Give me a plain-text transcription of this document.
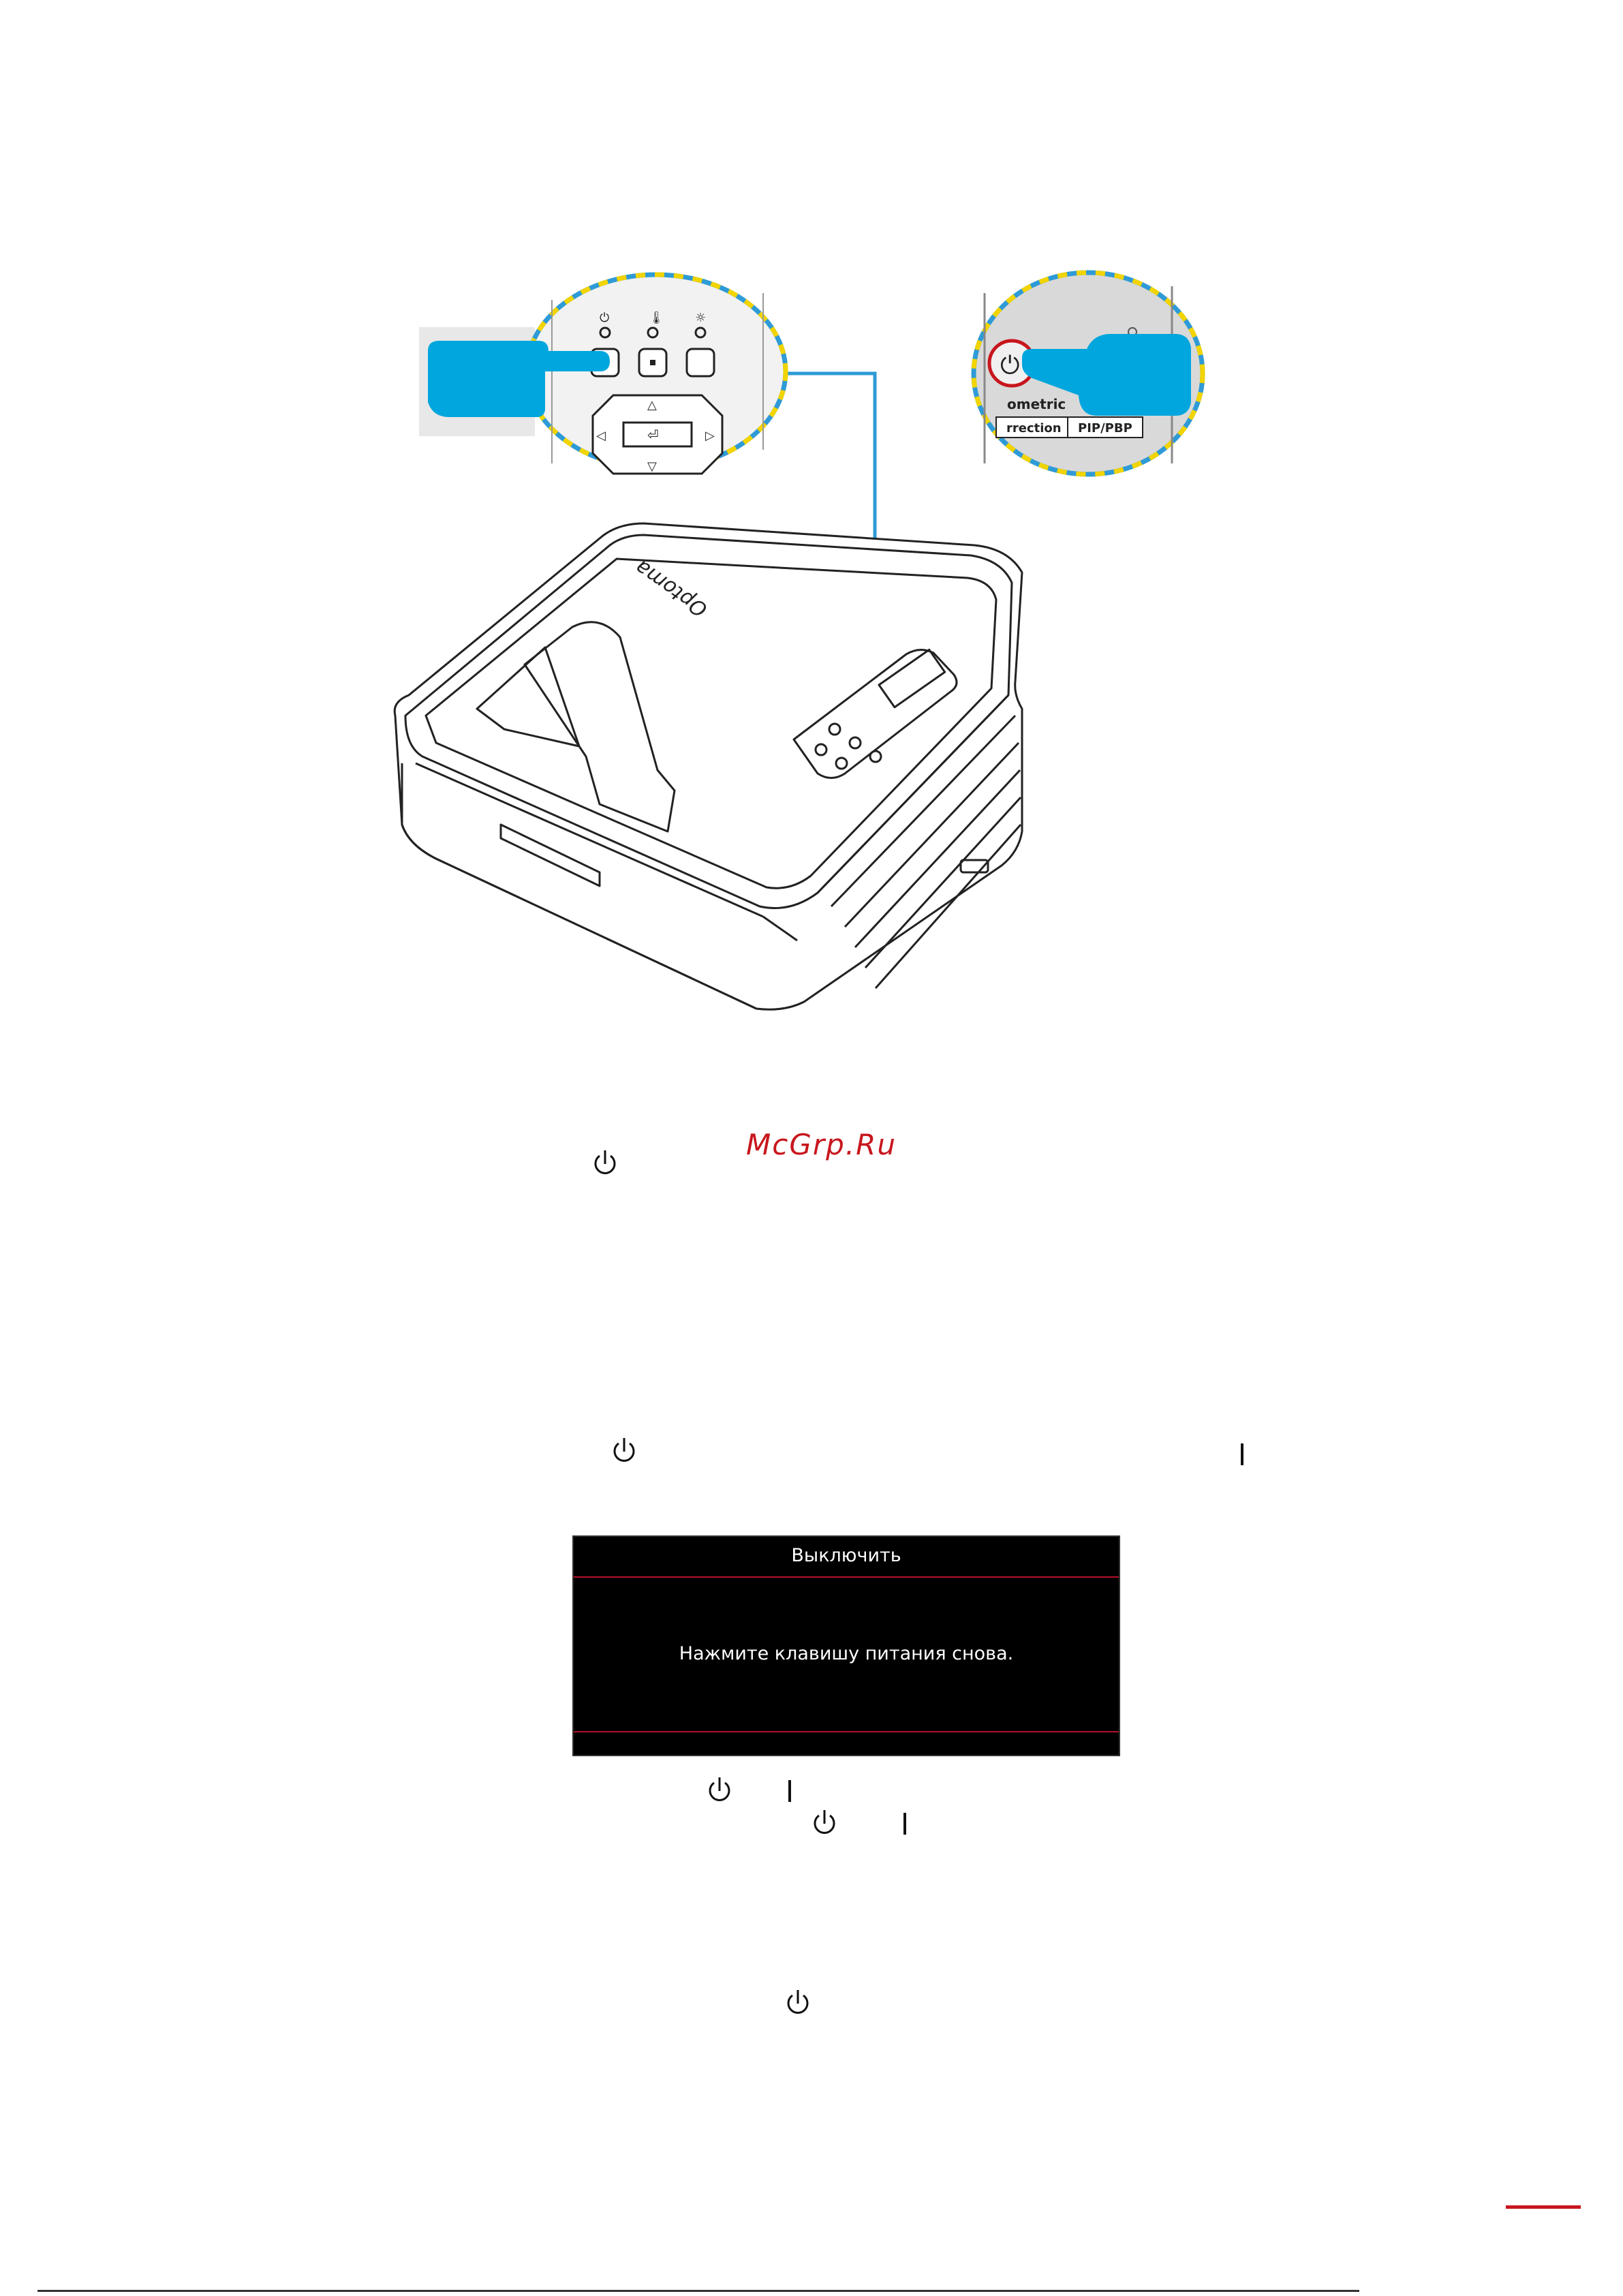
Optoma
⏻	🌡	☼
△
▽
◁	▷
⏎
⏻
ometric
rrection PIP/PBP
McGrp.Ru
Выключить
Нажмите клавишу питания снова.
